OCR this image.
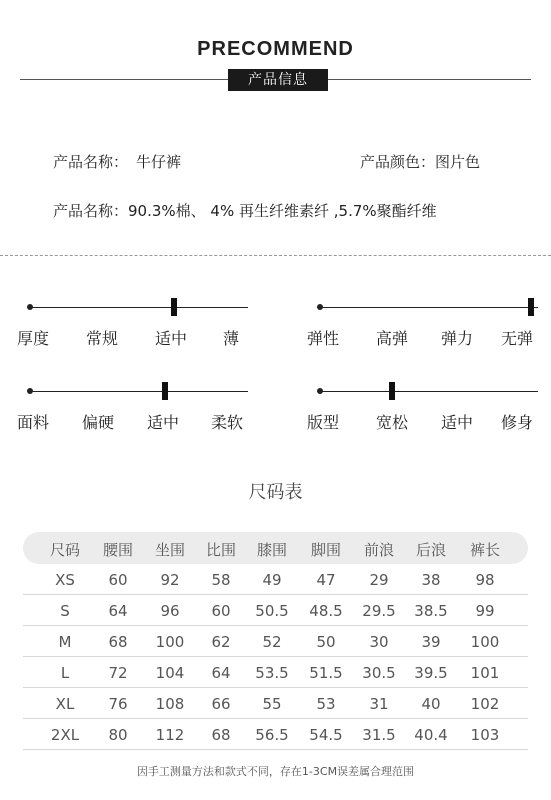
PRECOMMEND
产品信息
产品名称： 牛仔裤	产品颜色：图片色
产品名称：90.3%棉、 4% 再生纤维素纤 ,5.7%聚酯纤维
厚度	常规	适中	薄	弹性	高弹	弹力	无弹
面料	偏硬	适中	柔软	版型	宽松	适中	修身
尺码表
尺码	腰围	坐围	比围	膝围	脚围	前浪	后浪	裤长
XS	60	92	58	49	47	29	38	98
S	64	96	60	50.5	48.5	29.5	38.5	99
M	68	100	62	52	50	30	39	100
L	72	104	64	53.5	51.5	30.5	39.5	101
XL	76	108	66	55	53	31	40	102
2XL	80	112	68	56.5	54.5	31.5	40.4	103
因手工测量方法和款式不同，存在1-3CM误差属合理范围
